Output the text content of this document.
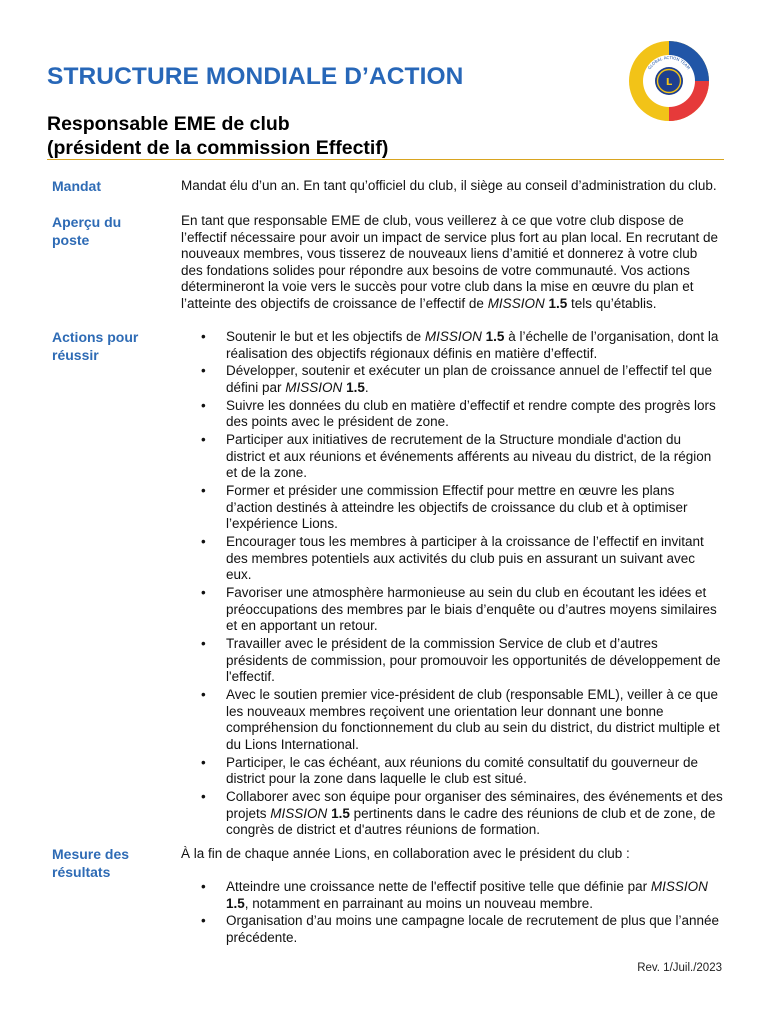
STRUCTURE MONDIALE D’ACTION	L
GLOBAL ACTION TEAM
Responsable EME de club
(président de la commission Effectif)
Mandat	Mandat élu d’un an. En tant qu’officiel du club, il siège au conseil d’administration du club.
Aperçu du poste
En tant que responsable EME de club, vous veillerez à ce que votre club dispose de l’effectif nécessaire pour avoir un impact de service plus fort au plan local. En recrutant de nouveaux membres, vous tisserez de nouveaux liens d’amitié et donnerez à votre club des fondations solides pour répondre aux besoins de votre communauté. Vos actions détermineront la voie vers le succès pour votre club dans la mise en œuvre du plan et l’atteinte des objectifs de croissance de l’effectif de MISSION 1.5 tels qu’établis.
Actions pour réussir
• Soutenir le but et les objectifs de MISSION 1.5 à l’échelle de l’organisation, dont la réalisation des objectifs régionaux définis en matière d’effectif.
• Développer, soutenir et exécuter un plan de croissance annuel de l’effectif tel que défini par MISSION 1.5.
• Suivre les données du club en matière d’effectif et rendre compte des progrès lors des points avec le président de zone.
• Participer aux initiatives de recrutement de la Structure mondiale d'action du district et aux réunions et événements afférents au niveau du district, de la région et de la zone.
• Former et présider une commission Effectif pour mettre en œuvre les plans d’action destinés à atteindre les objectifs de croissance du club et à optimiser l’expérience Lions.
• Encourager tous les membres à participer à la croissance de l’effectif en invitant des membres potentiels aux activités du club puis en assurant un suivant avec eux.
• Favoriser une atmosphère harmonieuse au sein du club en écoutant les idées et préoccupations des membres par le biais d’enquête ou d’autres moyens similaires et en apportant un retour.
• Travailler avec le président de la commission Service de club et d’autres présidents de commission, pour promouvoir les opportunités de développement de l'effectif.
• Avec le soutien premier vice-président de club (responsable EML), veiller à ce que les nouveaux membres reçoivent une orientation leur donnant une bonne compréhension du fonctionnement du club au sein du district, du district multiple et du Lions International.
• Participer, le cas échéant, aux réunions du comité consultatif du gouverneur de district pour la zone dans laquelle le club est situé.
• Collaborer avec son équipe pour organiser des séminaires, des événements et des projets MISSION 1.5 pertinents dans le cadre des réunions de club et de zone, de congrès de district et d'autres réunions de formation.
Mesure des résultats
À la fin de chaque année Lions, en collaboration avec le président du club :
• Atteindre une croissance nette de l'effectif positive telle que définie par MISSION 1.5, notamment en parrainant au moins un nouveau membre.
• Organisation d’au moins une campagne locale de recrutement de plus que l’année précédente.
Rev. 1/Juil./2023
